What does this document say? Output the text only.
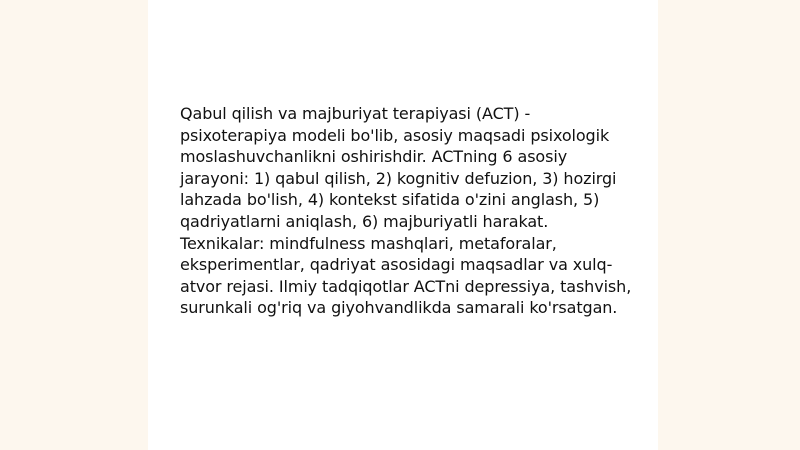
Qabul qilish va majburiyat terapiyasi (ACT) - psixoterapiya modeli bo'lib, asosiy maqsadi psixologik moslashuvchanlikni oshirishdir. ACTning 6 asosiy jarayoni: 1) qabul qilish, 2) kognitiv defuzion, 3) hozirgi lahzada bo'lish, 4) kontekst sifatida o'zini anglash, 5) qadriyatlarni aniqlash, 6) majburiyatli harakat. Texnikalar: mindfulness mashqlari, metaforalar, eksperimentlar, qadriyat asosidagi maqsadlar va xulq-atvor rejasi. Ilmiy tadqiqotlar ACTni depressiya, tashvish, surunkali og'riq va giyohvandlikda samarali ko'rsatgan.
